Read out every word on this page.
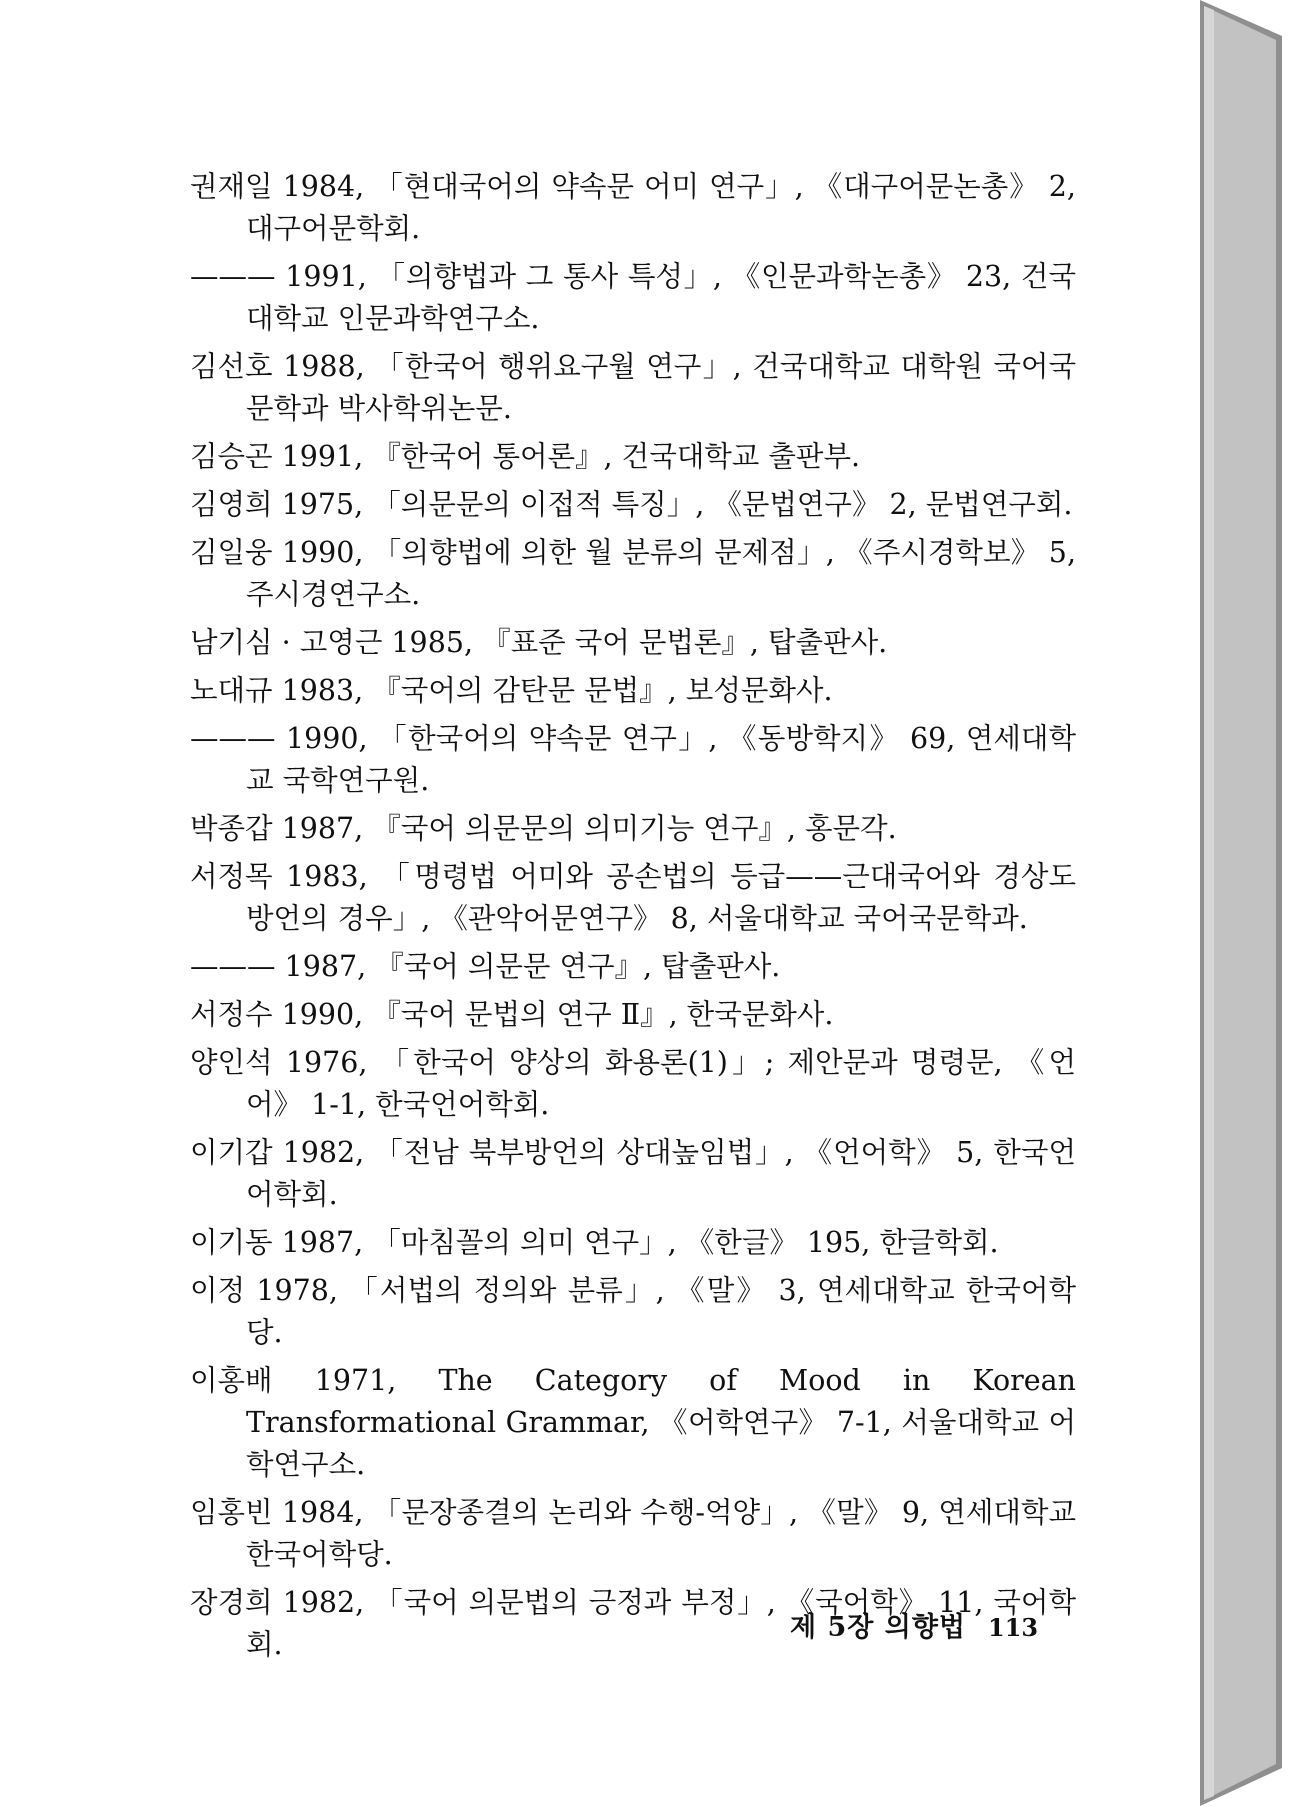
권재일 1984, 「현대국어의 약속문 어미 연구」, 《대구어문논총》 2, 대구어문학회.

——— 1991, 「의향법과 그 통사 특성」, 《인문과학논총》 23, 건국대학교 인문과학연구소.

김선호 1988, 「한국어 행위요구월 연구」, 건국대학교 대학원 국어국문학과 박사학위논문.

김승곤 1991, 『한국어 통어론』, 건국대학교 출판부.

김영희 1975, 「의문문의 이접적 특징」, 《문법연구》 2, 문법연구회.

김일웅 1990, 「의향법에 의한 월 분류의 문제점」, 《주시경학보》 5, 주시경연구소.

남기심 · 고영근 1985, 『표준 국어 문법론』, 탑출판사.

노대규 1983, 『국어의 감탄문 문법』, 보성문화사.

——— 1990, 「한국어의 약속문 연구」, 《동방학지》 69, 연세대학교 국학연구원.

박종갑 1987, 『국어 의문문의 의미기능 연구』, 홍문각.

서정목 1983, 「명령법 어미와 공손법의 등급——근대국어와 경상도 방언의 경우」, 《관악어문연구》 8, 서울대학교 국어국문학과.

——— 1987, 『국어 의문문 연구』, 탑출판사.

서정수 1990, 『국어 문법의 연구 Ⅱ』, 한국문화사.

양인석 1976, 「한국어 양상의 화용론(1)」; 제안문과 명령문, 《언어》 1-1, 한국언어학회.

이기갑 1982, 「전남 북부방언의 상대높임법」, 《언어학》 5, 한국언어학회.

이기동 1987, 「마침꼴의 의미 연구」, 《한글》 195, 한글학회.

이정 1978, 「서법의 정의와 분류」, 《말》 3, 연세대학교 한국어학당.

이홍배 1971, The Category of Mood in Korean Transformational Grammar, 《어학연구》 7-1, 서울대학교 어학연구소.

임홍빈 1984, 「문장종결의 논리와 수행-억양」, 《말》 9, 연세대학교 한국어학당.

장경희 1982, 「국어 의문법의 긍정과 부정」, 《국어학》 11, 국어학회.

제 5장 의향법 113
